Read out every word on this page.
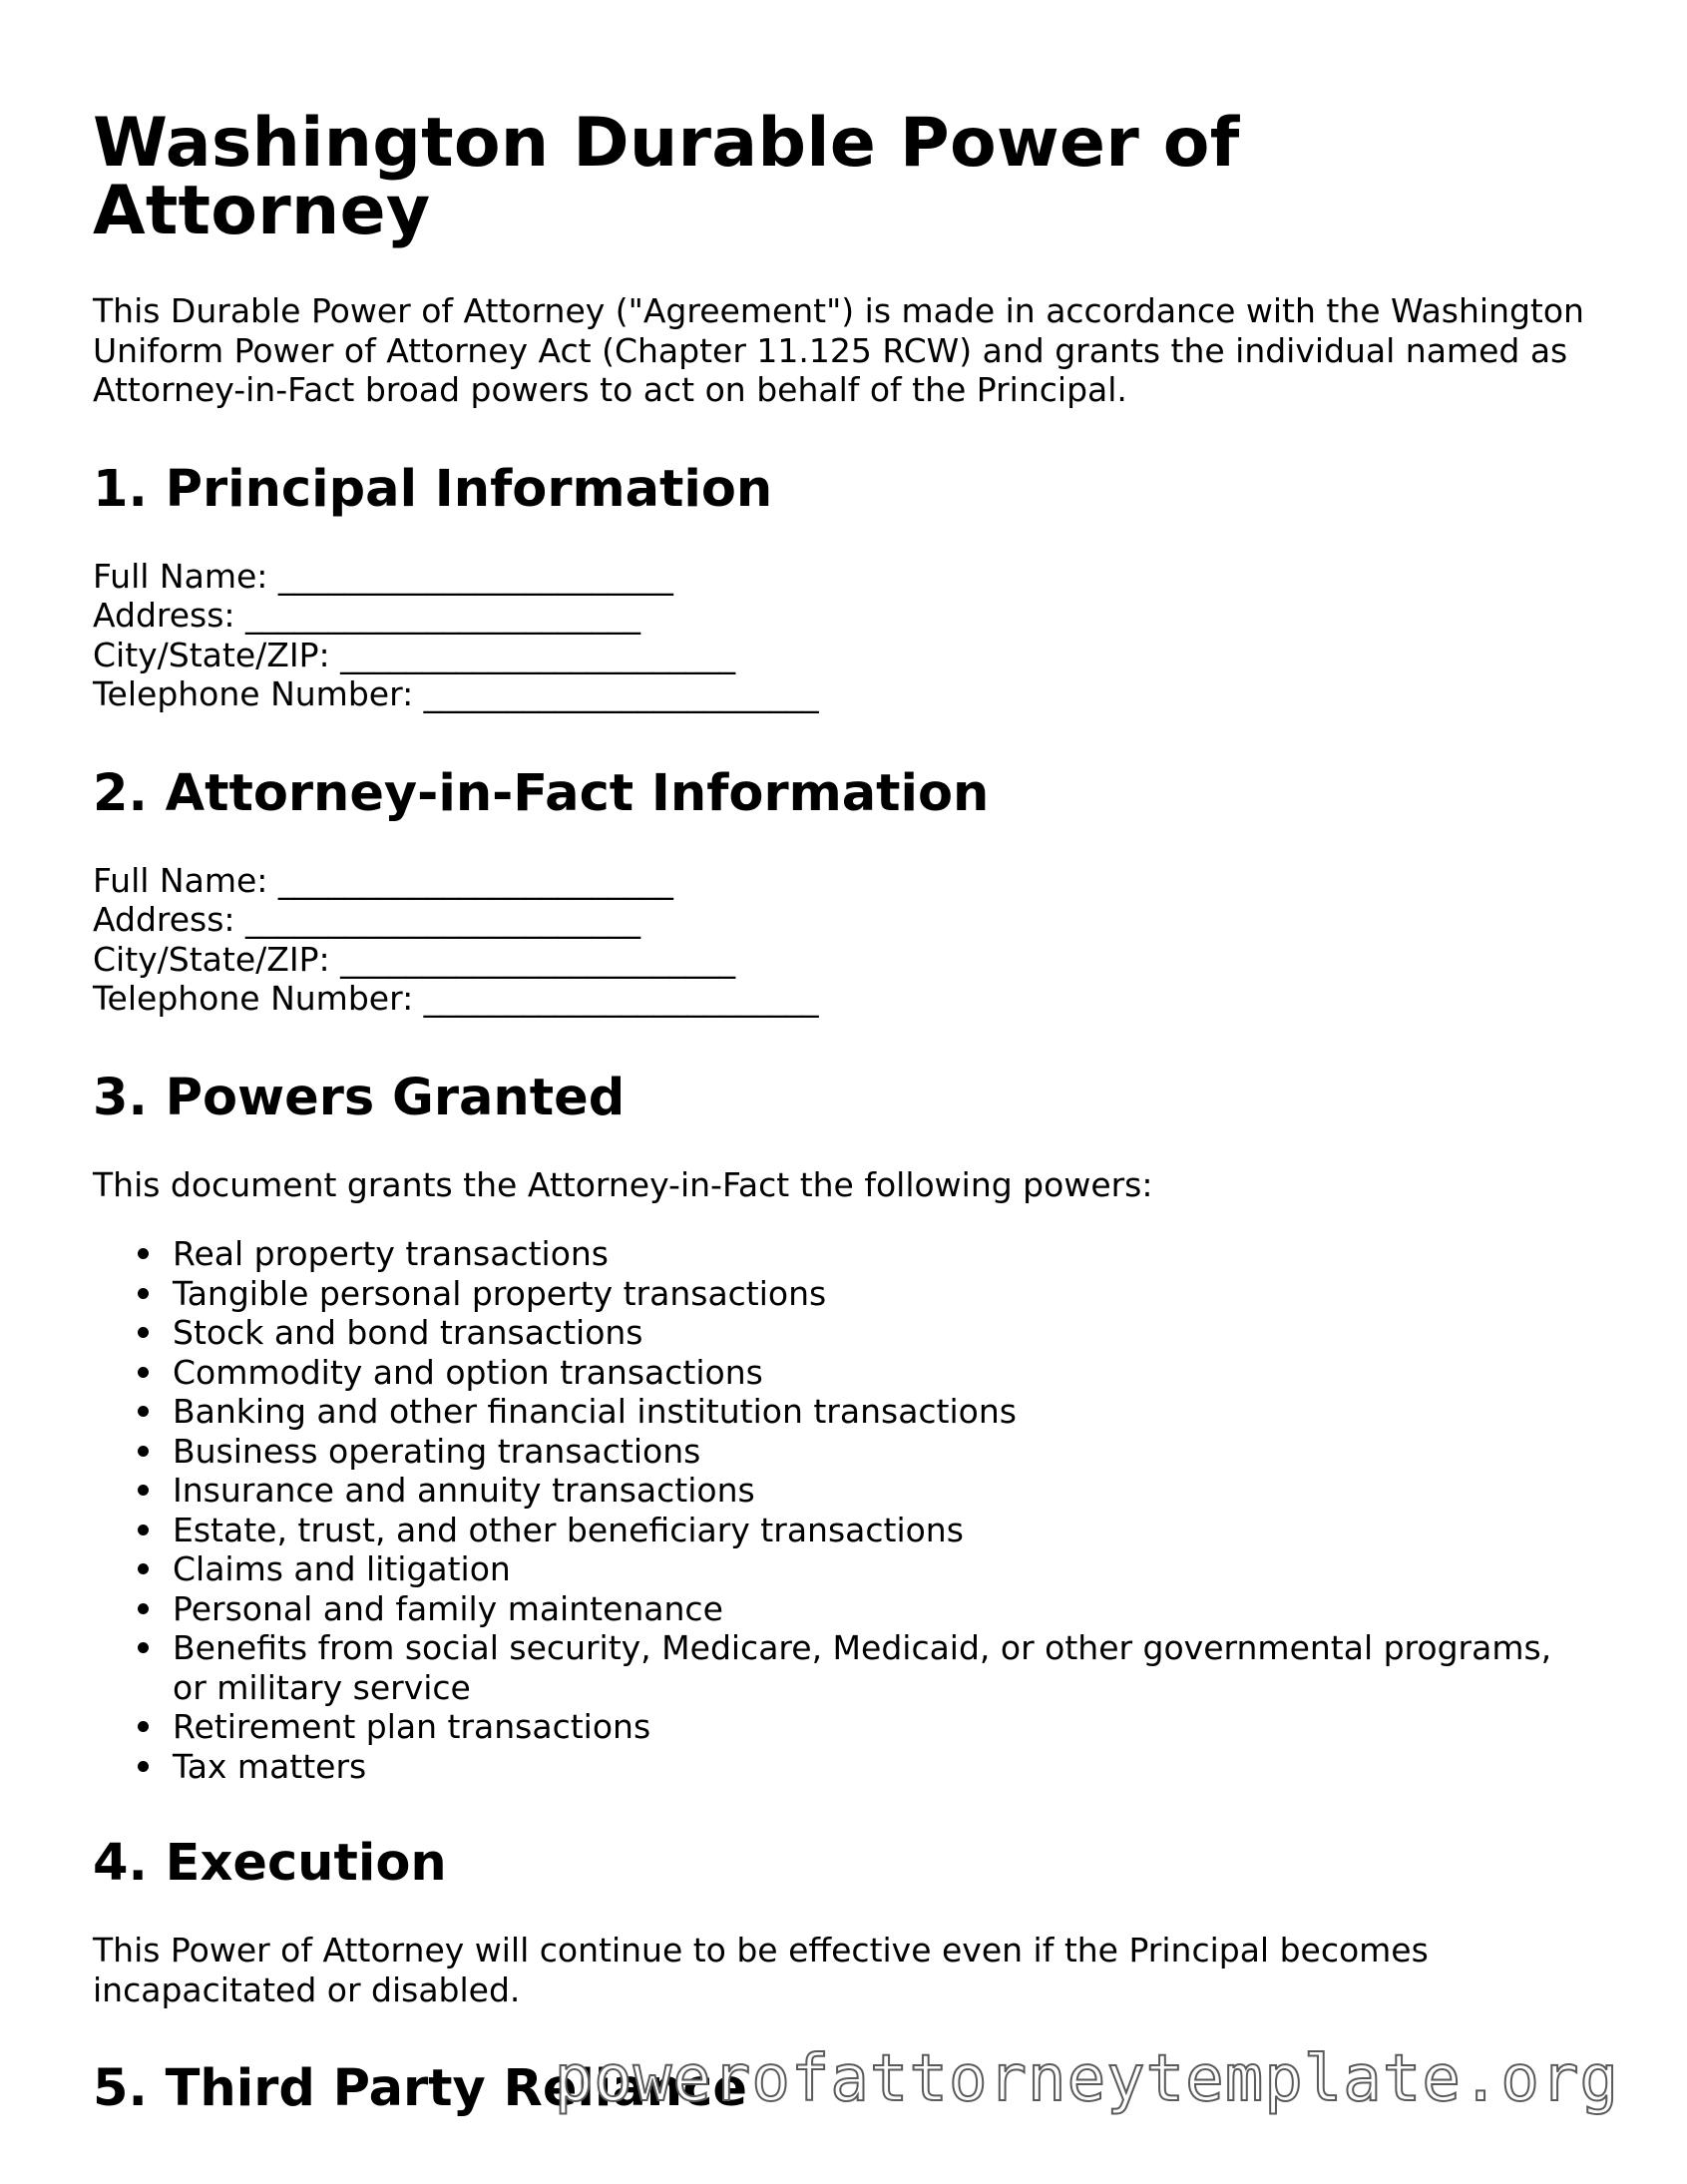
Washington Durable Power of Attorney

This Durable Power of Attorney ("Agreement") is made in accordance with the Washington Uniform Power of Attorney Act (Chapter 11.125 RCW) and grants the individual named as Attorney-in-Fact broad powers to act on behalf of the Principal.

1. Principal Information
Full Name: ________________________
Address: ________________________
City/State/ZIP: ________________________
Telephone Number: ________________________
2. Attorney-in-Fact Information
Full Name: ________________________
Address: ________________________
City/State/ZIP: ________________________
Telephone Number: ________________________
3. Powers Granted

This document grants the Attorney-in-Fact the following powers:

Real property transactions
Tangible personal property transactions
Stock and bond transactions
Commodity and option transactions
Banking and other financial institution transactions
Business operating transactions
Insurance and annuity transactions
Estate, trust, and other beneficiary transactions
Claims and litigation
Personal and family maintenance
Benefits from social security, Medicare, Medicaid, or other governmental programs, or military service
Retirement plan transactions
Tax matters
4. Execution

This Power of Attorney will continue to be effective even if the Principal becomes incapacitated or disabled.

5. Third Party Reliance
powerofattorneytemplate.org
